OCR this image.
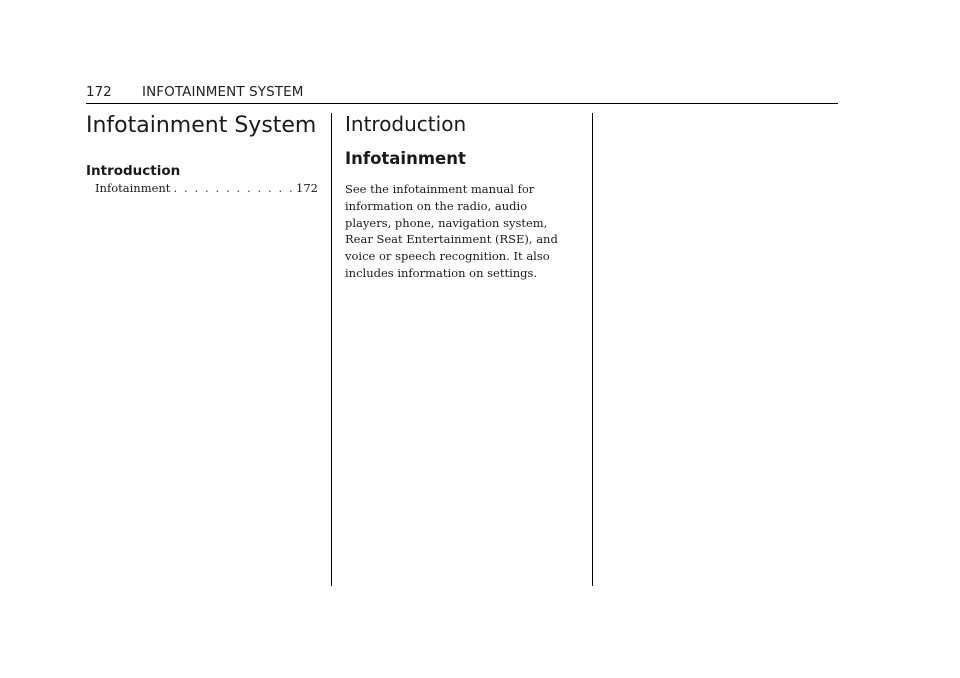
172 INFOTAINMENT SYSTEM
Infotainment System
Introduction
Infotainment
. . .	172
Introduction
Infotainment

See the infotainment manual for
information on the radio, audio
players, phone, navigation system,
Rear Seat Entertainment (RSE), and
voice or speech recognition. It also
includes information on settings.
